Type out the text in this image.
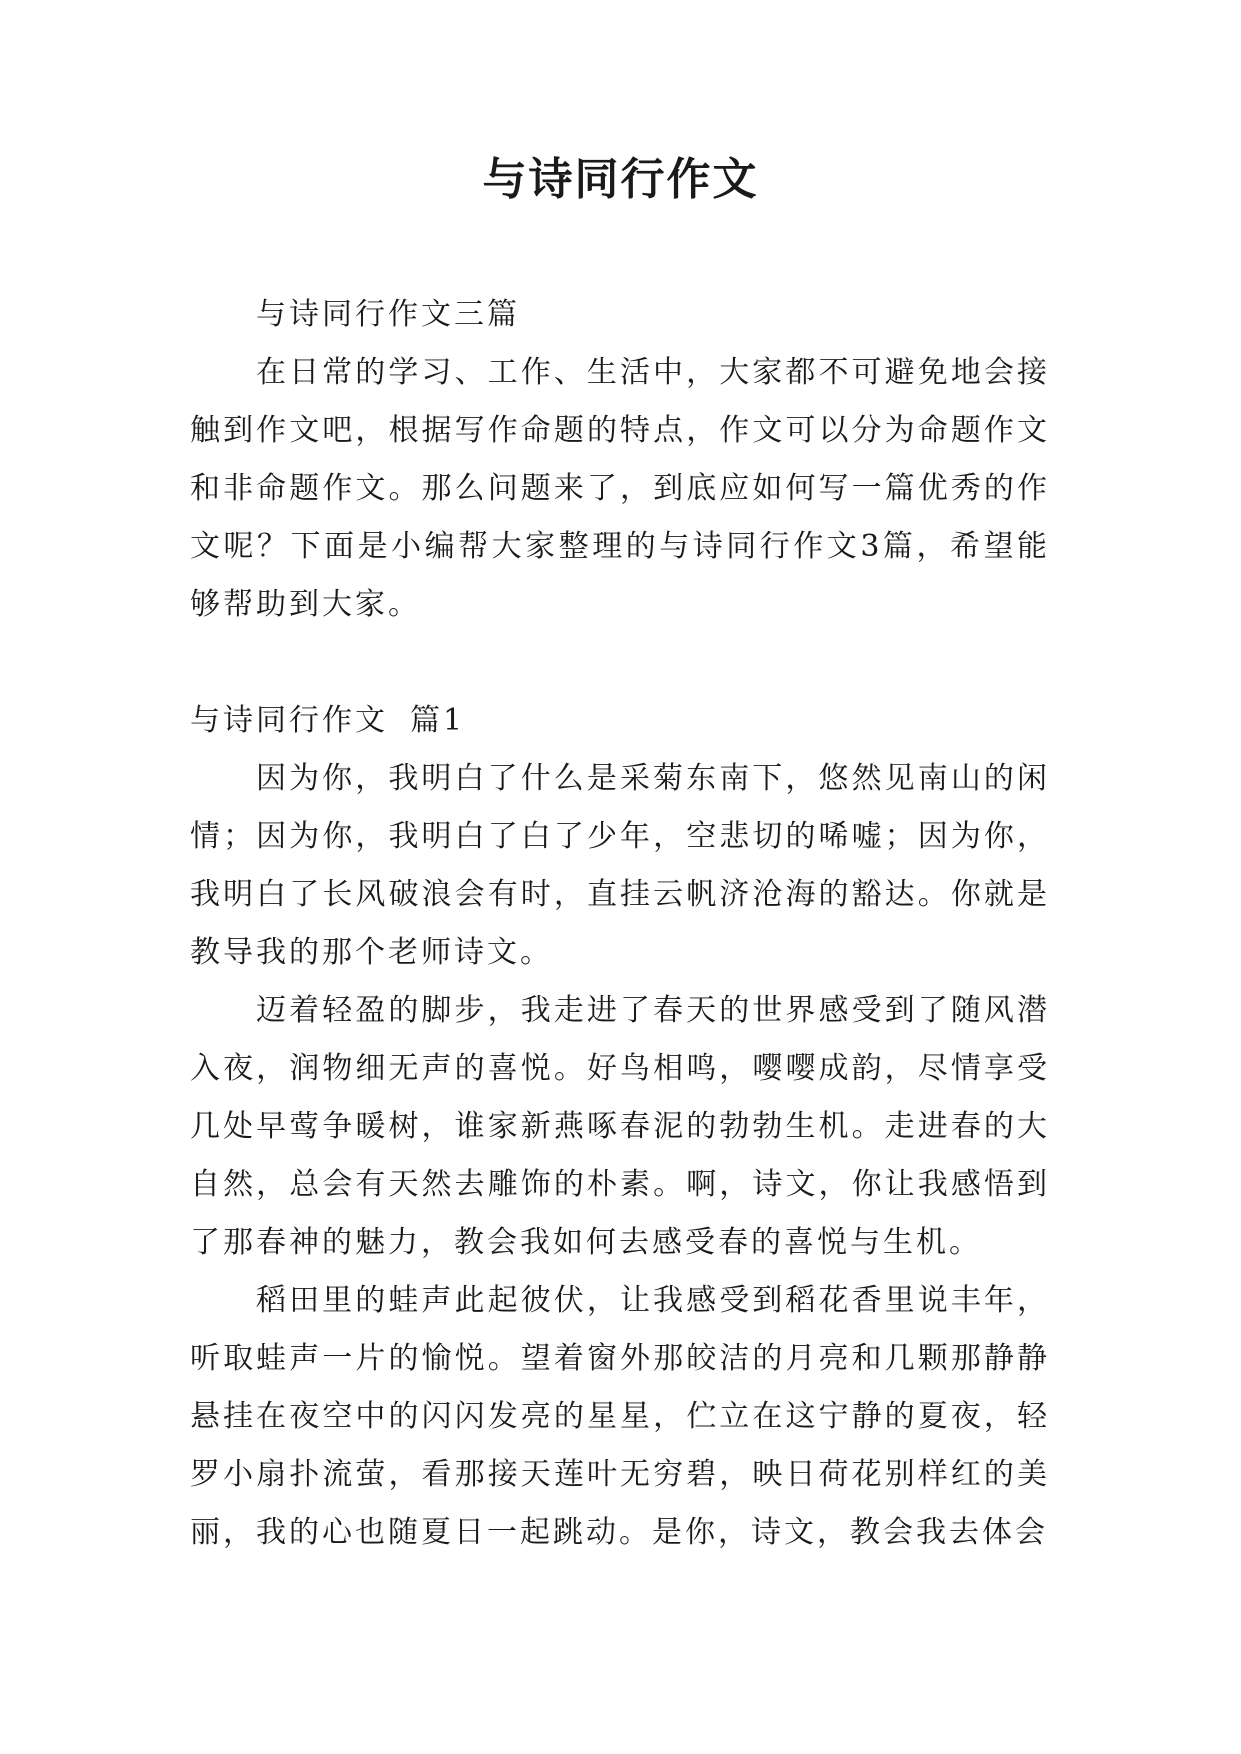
与诗同行作文

与诗同行作文三篇

在日常的学习、工作、生活中，大家都不可避免地会接触到作文吧，根据写作命题的特点，作文可以分为命题作文和非命题作文。那么问题来了，到底应如何写一篇优秀的作文呢？下面是小编帮大家整理的与诗同行作文3篇，希望能够帮助到大家。

与诗同行作文 篇1

因为你，我明白了什么是采菊东南下，悠然见南山的闲情；因为你，我明白了白了少年，空悲切的唏嘘；因为你，我明白了长风破浪会有时，直挂云帆济沧海的豁达。你就是教导我的那个老师诗文。

迈着轻盈的脚步，我走进了春天的世界感受到了随风潜入夜，润物细无声的喜悦。好鸟相鸣，嘤嘤成韵，尽情享受几处早莺争暖树，谁家新燕啄春泥的勃勃生机。走进春的大自然，总会有天然去雕饰的朴素。啊，诗文，你让我感悟到了那春神的魅力，教会我如何去感受春的喜悦与生机。

稻田里的蛙声此起彼伏，让我感受到稻花香里说丰年，听取蛙声一片的愉悦。望着窗外那皎洁的月亮和几颗那静静悬挂在夜空中的闪闪发亮的星星，伫立在这宁静的夏夜，轻罗小扇扑流萤，看那接天莲叶无穷碧，映日荷花别样红的美丽，我的心也随夏日一起跳动。是你，诗文，教会我去体会
